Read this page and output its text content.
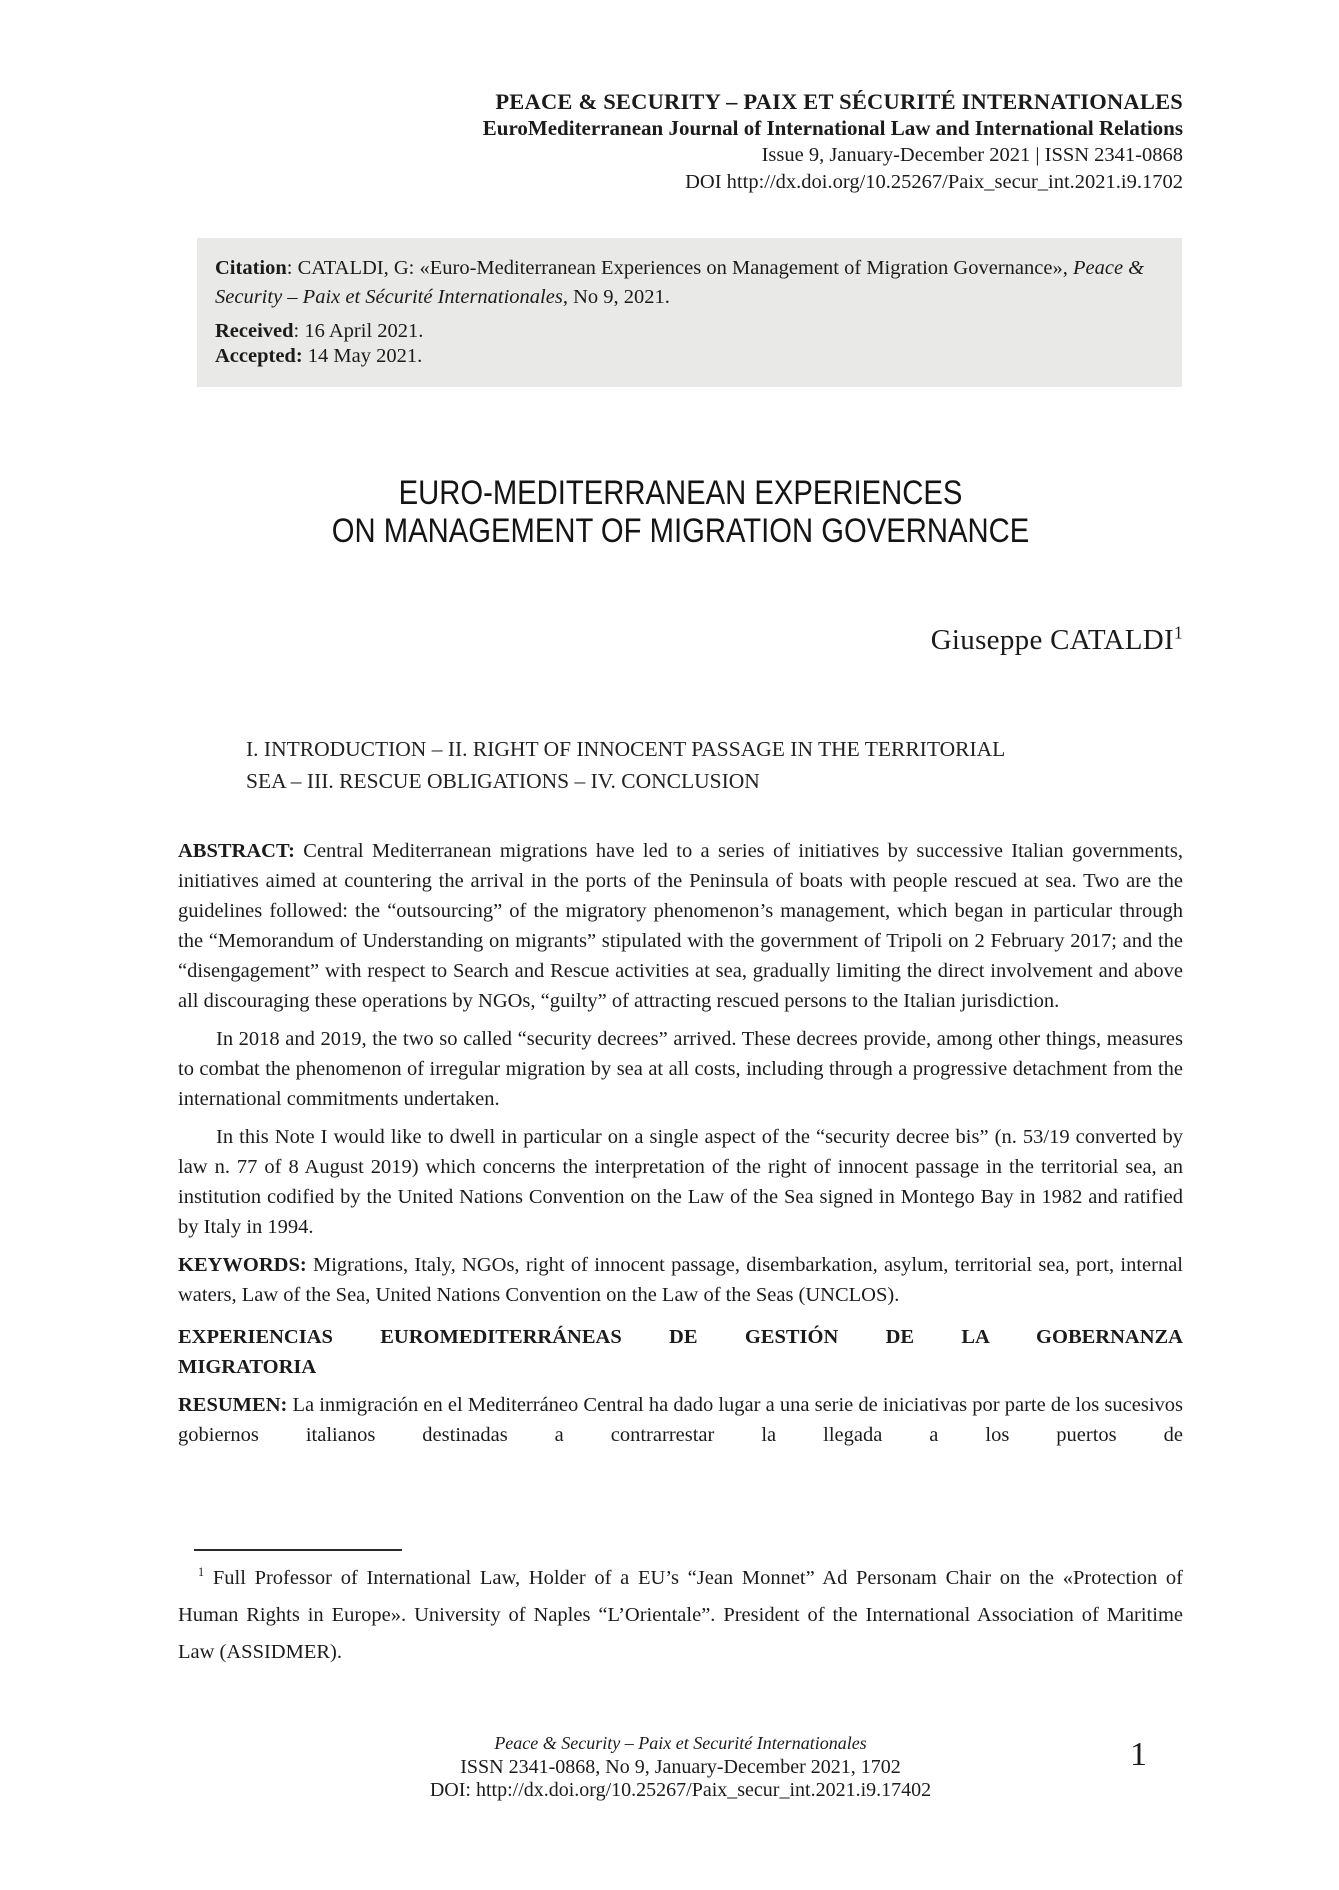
PEACE & SECURITY – PAIX ET SÉCURITÉ INTERNATIONALES
EuroMediterranean Journal of International Law and International Relations
Issue 9, January-December 2021 | ISSN 2341-0868
DOI http://dx.doi.org/10.25267/Paix_secur_int.2021.i9.1702

Citation: CATALDI, G: «Euro-Mediterranean Experiences on Management of Migration Governance», Peace & Security – Paix et Sécurité Internationales, No 9, 2021.

Received: 16 April 2021.
Accepted: 14 May 2021.
EURO-MEDITERRANEAN EXPERIENCES
ON MANAGEMENT OF MIGRATION GOVERNANCE
Giuseppe CATALDI$^1$
I. INTRODUCTION – II. RIGHT OF INNOCENT PASSAGE IN THE TERRITORIAL
SEA – III. RESCUE OBLIGATIONS – IV. CONCLUSION

ABSTRACT: Central Mediterranean migrations have led to a series of initiatives by successive Italian governments, initiatives aimed at countering the arrival in the ports of the Peninsula of boats with people rescued at sea. Two are the guidelines followed: the “outsourcing” of the migratory phenomenon’s management, which began in particular through the “Memorandum of Understanding on migrants” stipulated with the government of Tripoli on 2 February 2017; and the “disengagement” with respect to Search and Rescue activities at sea, gradually limiting the direct involvement and above all discouraging these operations by NGOs, “guilty” of attracting rescued persons to the Italian jurisdiction.

In 2018 and 2019, the two so called “security decrees” arrived. These decrees provide, among other things, measures to combat the phenomenon of irregular migration by sea at all costs, including through a progressive detachment from the international commitments undertaken.

In this Note I would like to dwell in particular on a single aspect of the “security decree bis” (n. 53/19 converted by law n. 77 of 8 August 2019) which concerns the interpretation of the right of innocent passage in the territorial sea, an institution codified by the United Nations Convention on the Law of the Sea signed in Montego Bay in 1982 and ratified by Italy in 1994.

KEYWORDS: Migrations, Italy, NGOs, right of innocent passage, disembarkation, asylum, territorial sea, port, internal waters, Law of the Sea, United Nations Convention on the Law of the Seas (UNCLOS).

EXPERIENCIAS EUROMEDITERRÁNEAS DE GESTIÓN DE LA GOBERNANZA
MIGRATORIA

RESUMEN: La inmigración en el Mediterráneo Central ha dado lugar a una serie de iniciativas por parte de los sucesivos gobiernos italianos destinadas a contrarrestar la llegada a los puertos de

$^1$ Full Professor of International Law, Holder of a EU’s “Jean Monnet” Ad Personam Chair on the «Protection of Human Rights in Europe». University of Naples “L’Orientale”. President of the International Association of Maritime Law (ASSIDMER).
Peace & Security – Paix et Securité Internationales
ISSN 2341-0868, No 9, January-December 2021, 1702
DOI: http://dx.doi.org/10.25267/Paix_secur_int.2021.i9.17402
1
